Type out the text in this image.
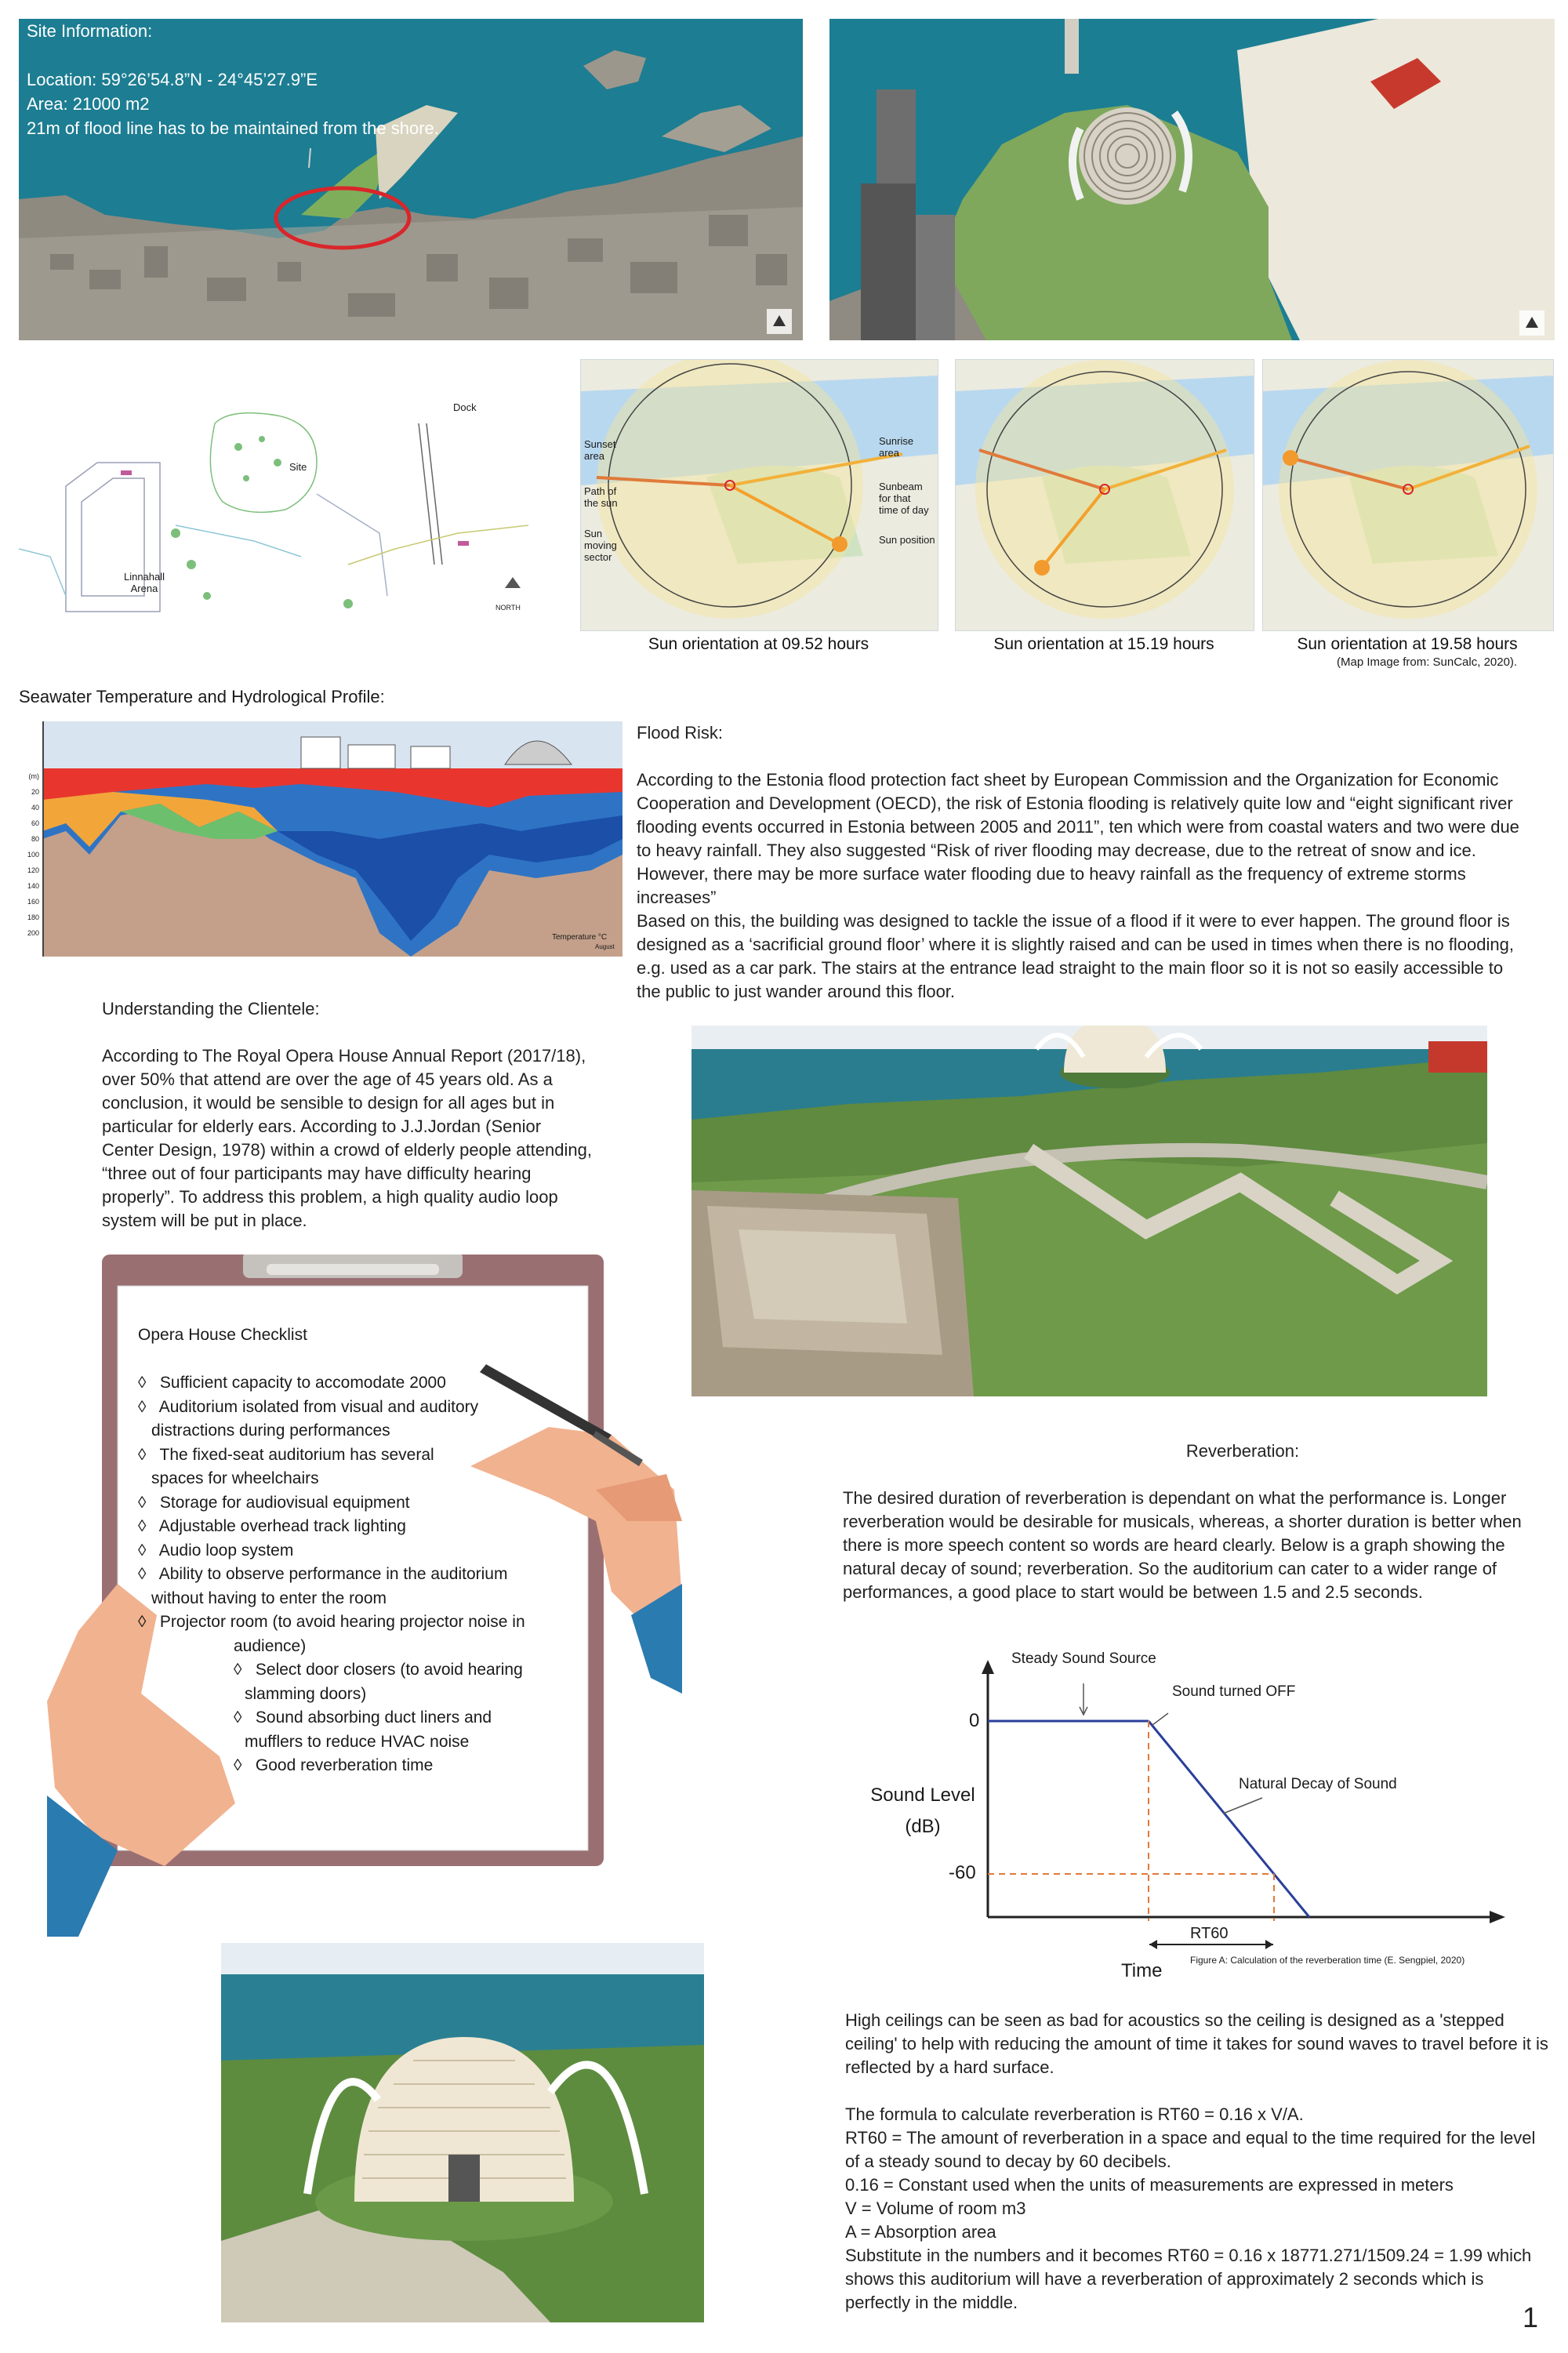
Site Information:

Location: 59°26’54.8”N - 24°45’27.9”E

Area: 21000 m2

21m of flood line has to be maintained from the shore.

Dock
Site
Linnahall
Arena
NORTH
Sunset
area
Path of
the sun
Sun
moving
sector
Sunrise
area
Sunbeam
for that
time of day
Sun position
Sun orientation at 09.52 hours	Sun orientation at 15.19 hours	Sun orientation at 19.58 hours
(Map Image from: SunCalc, 2020).
Seawater Temperature and Hydrological Profile:
(m)
20
40
60
80
100
120
140
160
180
200	Temperature °C
August

Flood Risk:

According to the Estonia flood protection fact sheet by European Commission and the Organization for Economic Cooperation and Development (OECD), the risk of Estonia flooding is relatively quite low and “eight significant river flooding events occurred in Estonia between 2005 and 2011”, ten which were from coastal waters and two were due to heavy rainfall. They also suggested “Risk of river flooding may decrease, due to the retreat of snow and ice. However, there may be more surface water flooding due to heavy rainfall as the frequency of extreme storms increases”

Based on this, the building was designed to tackle the issue of a flood if it were to ever happen. The ground floor is designed as a ‘sacrificial ground floor’ where it is slightly raised and can be used in times when there is no flooding, e.g. used as a car park. The stairs at the entrance lead straight to the main floor so it is not so easily accessible to the public to just wander around this floor.

Understanding the Clientele:

According to The Royal Opera House Annual Report (2017/18), over 50% that attend are over the age of 45 years old. As a conclusion, it would be sensible to design for all ages but in particular for elderly ears. According to J.J.Jordan (Senior Center Design, 1978) within a crowd of elderly people attending, “three out of four participants may have difficulty hearing properly”. To address this problem, a high quality audio loop system will be put in place.

Opera House Checklist

◊ Sufficient capacity to accomodate 2000

◊ Auditorium isolated from visual and auditory

distractions during performances

◊ The fixed-seat auditorium has several

spaces for wheelchairs

◊ Storage for audiovisual equipment

◊ Adjustable overhead track lighting

◊ Audio loop system

◊ Ability to observe performance in the auditorium

without having to enter the room

◊ Projector room (to avoid hearing projector noise in

audience)

◊ Select door closers (to avoid hearing

slamming doors)

◊ Sound absorbing duct liners and

mufflers to reduce HVAC noise

◊ Good reverberation time

Reverberation:

The desired duration of reverberation is dependant on what the performance is. Longer reverberation would be desirable for musicals, whereas, a shorter duration is better when there is more speech content so words are heard clearly. Below is a graph showing the natural decay of sound; reverberation. So the auditorium can cater to a wider range of performances, a good place to start would be between 1.5 and 2.5 seconds.

Steady Sound Source
Sound turned OFF
Natural Decay of Sound
0
-60
Sound Level
(dB)
RT60
Time	Figure A: Calculation of the reverberation time (E. Sengpiel, 2020)

High ceilings can be seen as bad for acoustics so the ceiling is designed as a 'stepped ceiling' to help with reducing the amount of time it takes for sound waves to travel before it is reflected by a hard surface.

The formula to calculate reverberation is RT60 = 0.16 x V/A.

RT60 = The amount of reverberation in a space and equal to the time required for the level of a steady sound to decay by 60 decibels.

0.16 = Constant used when the units of measurements are expressed in meters

V = Volume of room m3

A = Absorption area

Substitute in the numbers and it becomes RT60 = 0.16 x 18771.271/1509.24 = 1.99 which shows this auditorium will have a reverberation of approximately 2 seconds which is perfectly in the middle.	1
